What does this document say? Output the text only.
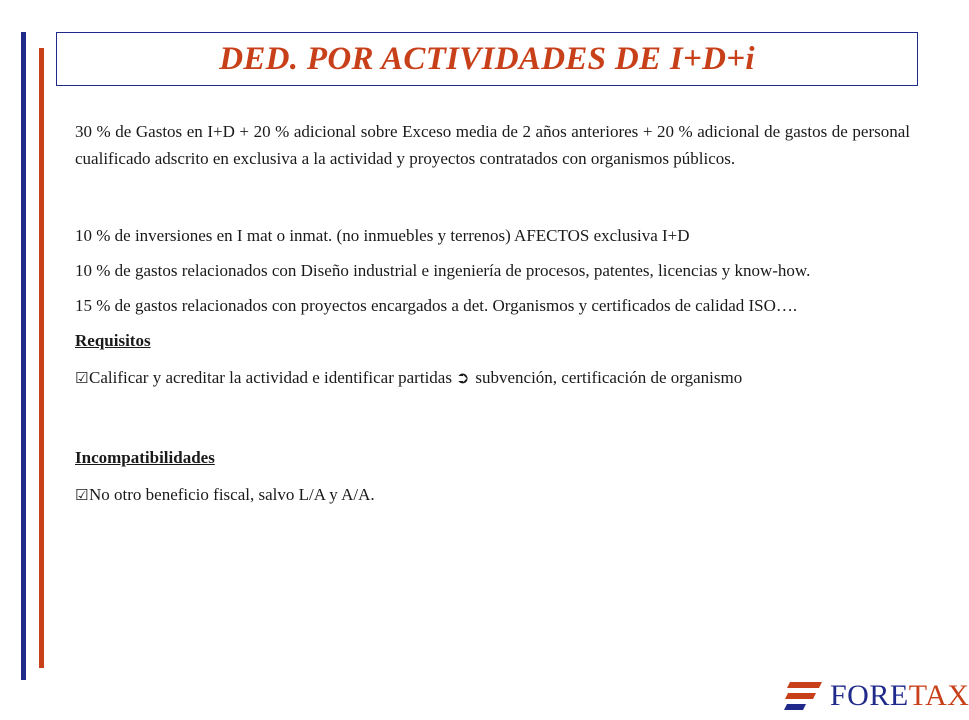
DED. POR ACTIVIDADES DE I+D+i

30 % de Gastos en I+D + 20 % adicional sobre Exceso media de 2 años anteriores + 20 % adicional de gastos de personal cualificado adscrito en exclusiva a la actividad y proyectos contratados con organismos públicos.

10 % de inversiones en I mat o inmat. (no inmuebles y terrenos) AFECTOS exclusiva I+D

10 % de gastos relacionados con Diseño industrial e ingeniería de procesos, patentes, licencias y know-how.

15 % de gastos relacionados con proyectos encargados a det. Organismos y certificados de calidad ISO….

Requisitos

☑ Calificar y acreditar la actividad e identificar partidas ➲ subvención, certificación de organismo

Incompatibilidades

☑ No otro beneficio fiscal, salvo L/A y A/A.

FORETAX
